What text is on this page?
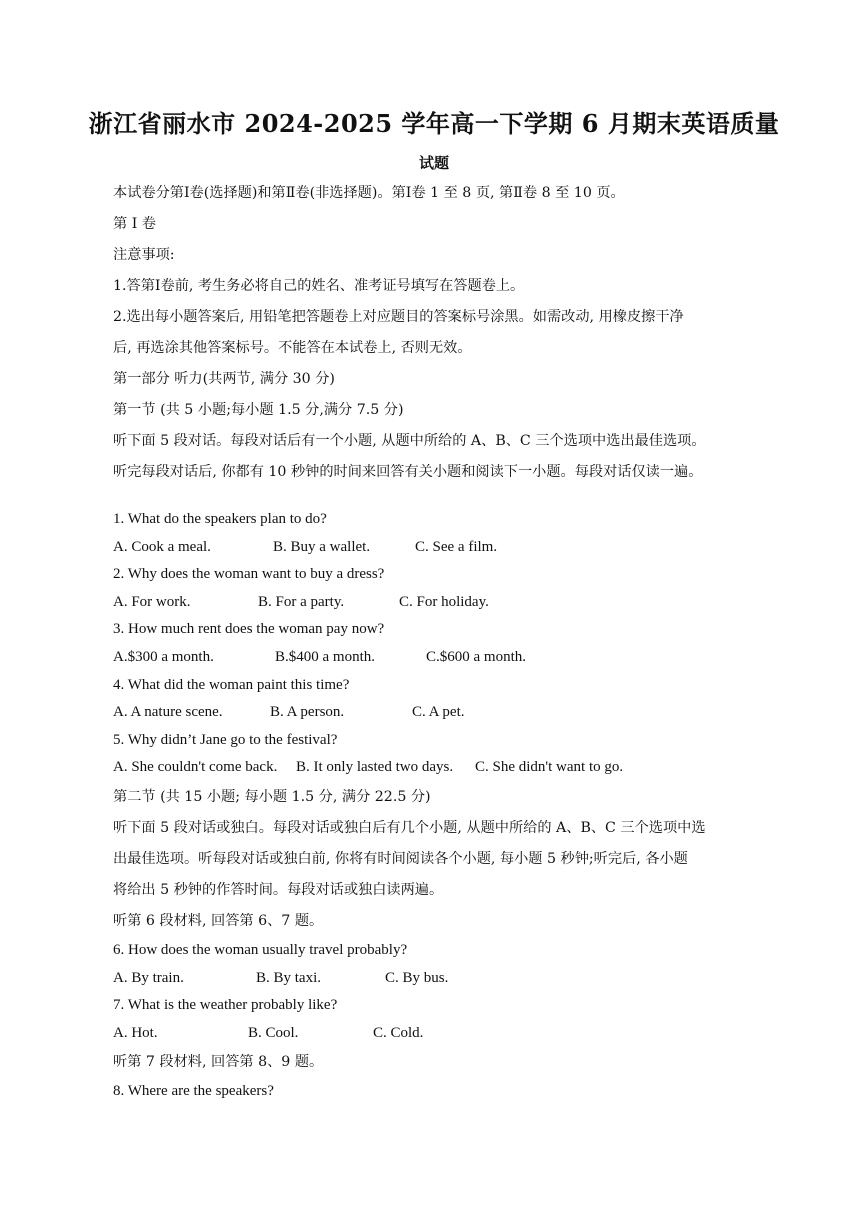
浙江省丽水市 2024-2025 学年高一下学期 6 月期末英语质量
试题
本试卷分第Ⅰ卷(选择题)和第Ⅱ卷(非选择题)。第Ⅰ卷 1 至 8 页, 第Ⅱ卷 8 至 10 页。
第 I 卷
注意事项:
1.答第Ⅰ卷前, 考生务必将自己的姓名、准考证号填写在答题卷上。
2.选出每小题答案后, 用铅笔把答题卷上对应题目的答案标号涂黑。如需改动, 用橡皮擦干净
后, 再选涂其他答案标号。不能答在本试卷上, 否则无效。
第一部分 听力(共两节, 满分 30 分)
第一节 (共 5 小题;每小题 1.5 分,满分 7.5 分)
听下面 5 段对话。每段对话后有一个小题, 从题中所给的 A、B、C 三个选项中选出最佳选项。
听完每段对话后, 你都有 10 秒钟的时间来回答有关小题和阅读下一小题。每段对话仅读一遍。
1. What do the speakers plan to do?
A. Cook a meal.	B. Buy a wallet.	C. See a film.
2. Why does the woman want to buy a dress?
A. For work.	B. For a party.	C. For holiday.
3. How much rent does the woman pay now?
A.$300 a month.	B.$400 a month.	C.$600 a month.
4. What did the woman paint this time?
A. A nature scene.	B. A person.	C. A pet.
5. Why didn’t Jane go to the festival?
A. She couldn't come back. B. It only lasted two days. C. She didn't want to go.
第二节 (共 15 小题; 每小题 1.5 分, 满分 22.5 分)
听下面 5 段对话或独白。每段对话或独白后有几个小题, 从题中所给的 A、B、C 三个选项中选
出最佳选项。听每段对话或独白前, 你将有时间阅读各个小题, 每小题 5 秒钟;听完后, 各小题
将给出 5 秒钟的作答时间。每段对话或独白读两遍。
听第 6 段材料, 回答第 6、7 题。
6. How does the woman usually travel probably?
A. By train.	B. By taxi.	C. By bus.
7. What is the weather probably like?
A. Hot.	B. Cool.	C. Cold.
听第 7 段材料, 回答第 8、9 题。
8. Where are the speakers?
